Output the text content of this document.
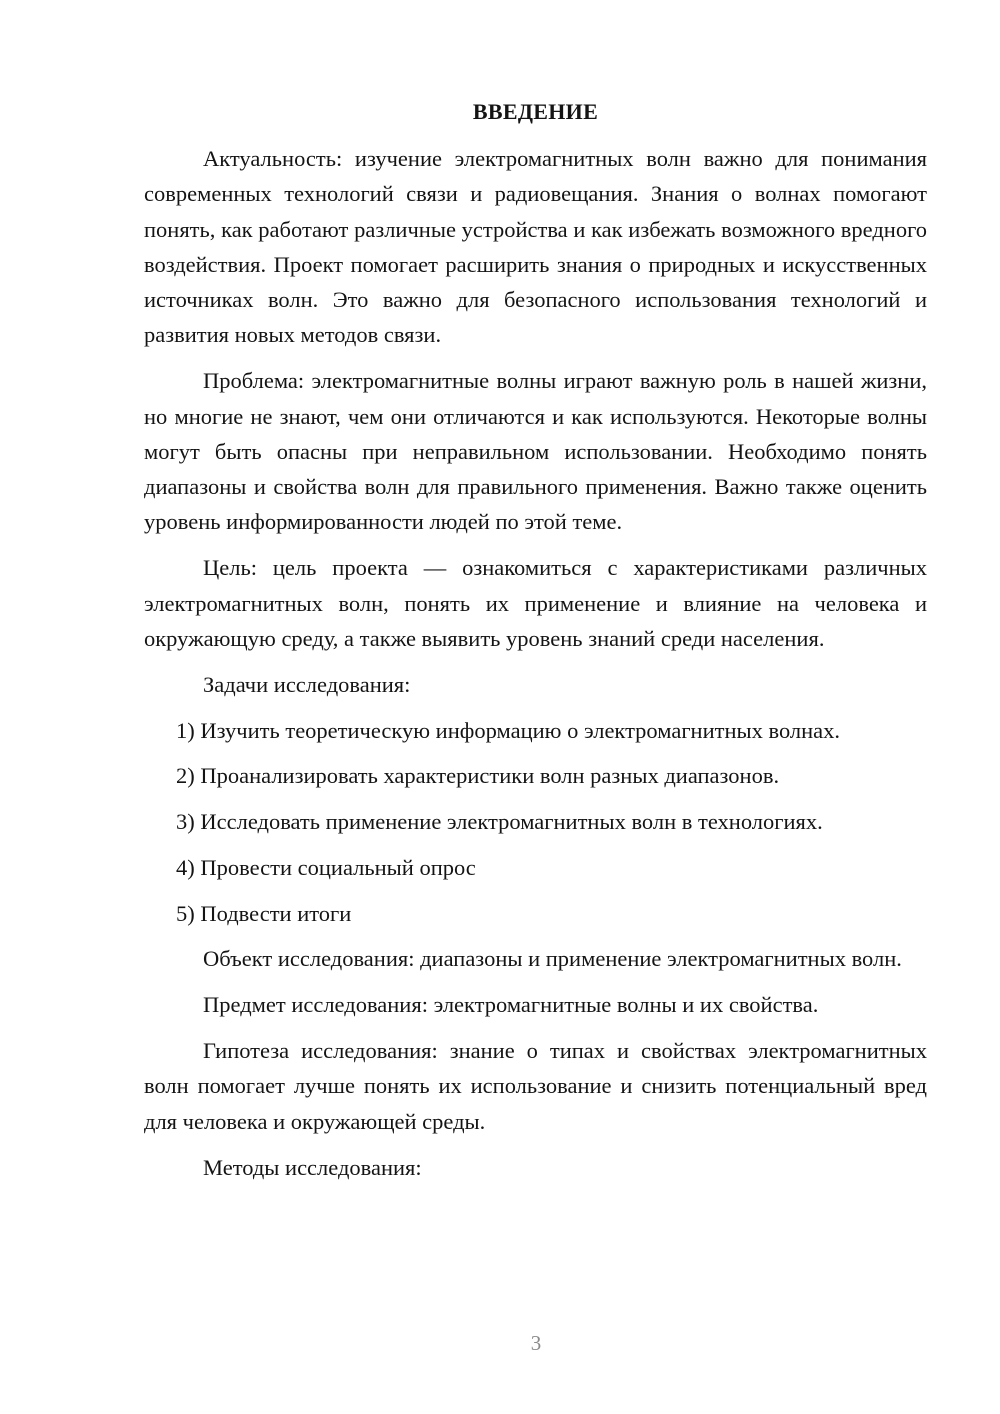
ВВЕДЕНИЕ

Актуальность: изучение электромагнитных волн важно для понимания современных технологий связи и радиовещания. Знания о волнах помогают понять, как работают различные устройства и как избежать возможного вредного воздействия. Проект помогает расширить знания о природных и искусственных источниках волн. Это важно для безопасного использования технологий и развития новых методов связи.

Проблема: электромагнитные волны играют важную роль в нашей жизни, но многие не знают, чем они отличаются и как используются. Некоторые волны могут быть опасны при неправильном использовании. Необходимо понять диапазоны и свойства волн для правильного применения. Важно также оценить уровень информированности людей по этой теме.

Цель: цель проекта — ознакомиться с характеристиками различных электромагнитных волн, понять их применение и влияние на человека и окружающую среду, а также выявить уровень знаний среди населения.

Задачи исследования:

1) Изучить теоретическую информацию о электромагнитных волнах.
2) Проанализировать характеристики волн разных диапазонов.
3) Исследовать применение электромагнитных волн в технологиях.
4) Провести социальный опрос
5) Подвести итоги

Объект исследования: диапазоны и применение электромагнитных волн.

Предмет исследования: электромагнитные волны и их свойства.

Гипотеза исследования: знание о типах и свойствах электромагнитных волн помогает лучше понять их использование и снизить потенциальный вред для человека и окружающей среды.

Методы исследования:

3
